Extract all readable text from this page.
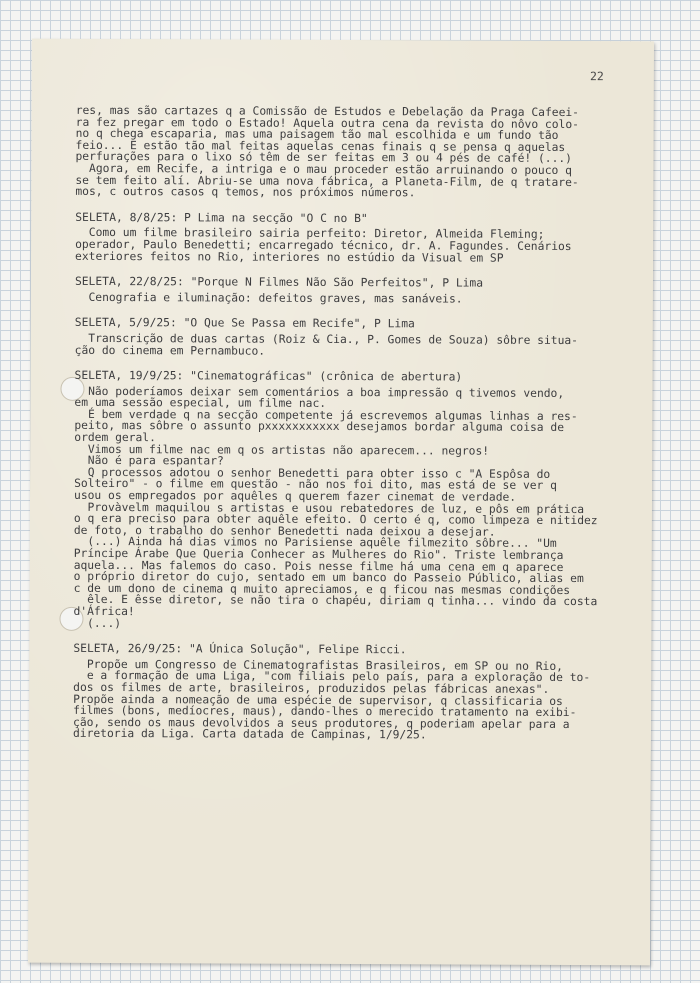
22
res, mas são cartazes q a Comissão de Estudos e Debelação da Praga Cafeei-
ra fez pregar em todo o Estado! Aquela outra cena da revista do nôvo colo-
no q chega escaparia, mas uma paisagem tão mal escolhida e um fundo tão
feio... E estão tão mal feitas aquelas cenas finais q se pensa q aquelas
perfurações para o lixo só têm de ser feitas em 3 ou 4 pés de café! (...)
Agora, em Recife, a intriga e o mau proceder estão arruinando o pouco q
se tem feito alí. Abriu-se uma nova fábrica, a Planeta-Film, de q tratare-
mos, c outros casos q temos, nos próximos números.
SELETA, 8/8/25: P Lima na secção "O C no B"
Como um filme brasileiro sairia perfeito: Diretor, Almeida Fleming;
operador, Paulo Benedetti; encarregado técnico, dr. A. Fagundes. Cenários
exteriores feitos no Rio, interiores no estúdio da Visual em SP
SELETA, 22/8/25: "Porque N Filmes Não São Perfeitos", P Lima
Cenografia e iluminação: defeitos graves, mas sanáveis.
SELETA, 5/9/25: "O Que Se Passa em Recife", P Lima
Transcrição de duas cartas (Roiz & Cia., P. Gomes de Souza) sôbre situa-
ção do cinema em Pernambuco.
SELETA, 19/9/25: "Cinematográficas" (crônica de abertura)
Não poderíamos deixar sem comentários a boa impressão q tivemos vendo,
em uma sessão especial, um filme nac.
É bem verdade q na secção competente já escrevemos algumas linhas a res-
peito, mas sôbre o assunto pxxxxxxxxxxx desejamos bordar alguma coisa de
ordem geral.
Vimos um filme nac em q os artistas não aparecem... negros!
Não é para espantar?
Q processos adotou o senhor Benedetti para obter isso c "A Espôsa do
Solteiro" - o filme em questão - não nos foi dito, mas está de se ver q
usou os empregados por aquêles q querem fazer cinemat de verdade.
Provàvelm maquilou s artistas e usou rebatedores de luz, e pôs em prática
o q era preciso para obter aquêle efeito. O certo é q, como limpeza e nitidez
de foto, o trabalho do senhor Benedetti nada deixou a desejar.
(...) Ainda há dias vimos no Parisiense aquêle filmezito sôbre... "Um
Príncipe Árabe Que Queria Conhecer as Mulheres do Rio". Triste lembrança
aquela... Mas falemos do caso. Pois nesse filme há uma cena em q aparece
o próprio diretor do cujo, sentado em um banco do Passeio Público, alias em
c de um dono de cinema q muito apreciamos, e q ficou nas mesmas condições
êle. E êsse diretor, se não tira o chapéu, diriam q tinha... vindo da costa
d'África!
(...)
SELETA, 26/9/25: "A Única Solução", Felipe Ricci.
Propõe um Congresso de Cinematografistas Brasileiros, em SP ou no Rio,
e a formação de uma Liga, "com filiais pelo país, para a exploração de to-
dos os filmes de arte, brasileiros, produzidos pelas fábricas anexas".
Propõe ainda a nomeação de uma espécie de supervisor, q classificaria os
filmes (bons, medíocres, maus), dando-lhes o merecido tratamento na exibi-
ção, sendo os maus devolvidos a seus produtores, q poderiam apelar para a
diretoria da Liga. Carta datada de Campinas, 1/9/25.
